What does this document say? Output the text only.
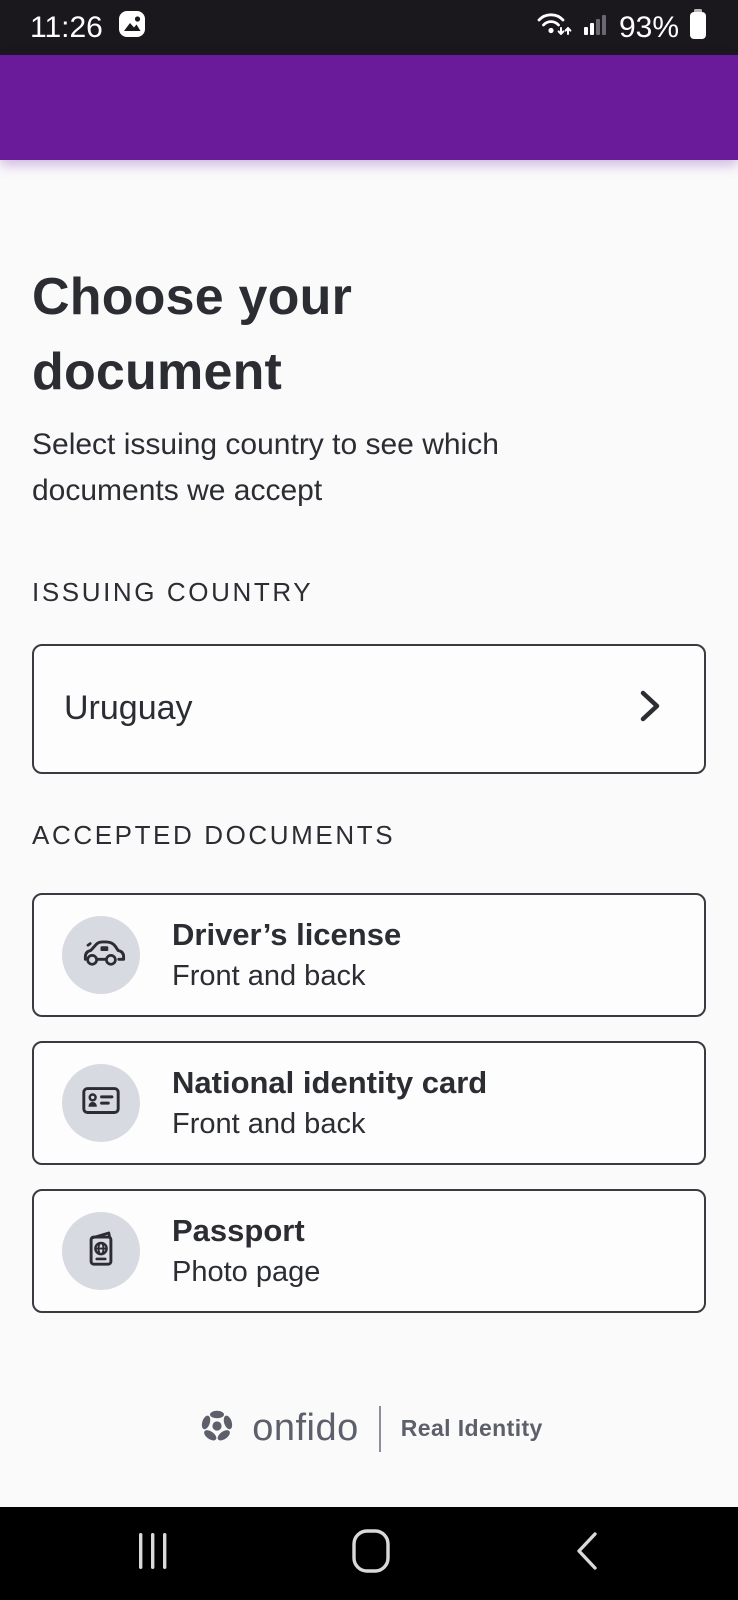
11:26	93%
Choose your document

Select issuing country to see which documents we accept

ISSUING COUNTRY
Uruguay
ACCEPTED DOCUMENTS
Driver’s license
Front and back
National identity card
Front and back
Passport
Photo page
onfido Real Identity
